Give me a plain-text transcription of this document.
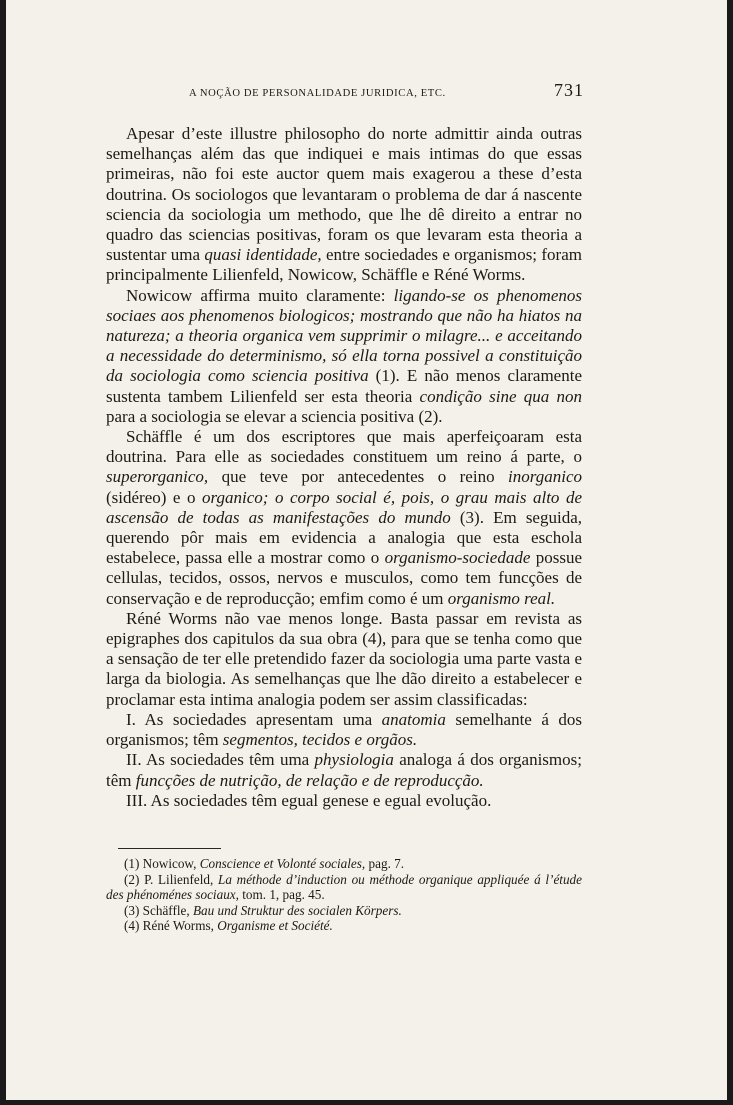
A NOÇÃO DE PERSONALIDADE JURIDICA, ETC.	731

Apesar d’este illustre philosopho do norte admittir ainda outras semelhanças além das que indiquei e mais intimas do que essas primeiras, não foi este auctor quem mais exagerou a these d’esta doutrina. Os sociologos que levantaram o problema de dar á nascente sciencia da sociologia um methodo, que lhe dê direito a entrar no quadro das sciencias positivas, foram os que levaram esta theoria a sustentar uma quasi identidade, entre sociedades e organismos; foram principalmente Lilienfeld, Nowicow, Schäffle e Réné Worms.

Nowicow affirma muito claramente: ligando-se os phenomenos sociaes aos phenomenos biologicos; mostrando que não ha hiatos na natureza; a theoria organica vem supprimir o milagre... e acceitando a necessidade do determinismo, só ella torna possivel a constituição da sociologia como sciencia positiva (1). E não menos claramente sustenta tambem Lilienfeld ser esta theoria condição sine qua non para a sociologia se elevar a sciencia positiva (2).

Schäffle é um dos escriptores que mais aperfeiçoaram esta doutrina. Para elle as sociedades constituem um reino á parte, o superorganico, que teve por antecedentes o reino inorganico (sidéreo) e o organico; o corpo social é, pois, o grau mais alto de ascensão de todas as manifestações do mundo (3). Em seguida, querendo pôr mais em evidencia a analogia que esta eschola estabelece, passa elle a mostrar como o organismo-sociedade possue cellulas, tecidos, ossos, nervos e musculos, como tem funcções de conservação e de reproducção; emfim como é um organismo real.

Réné Worms não vae menos longe. Basta passar em revista as epigraphes dos capitulos da sua obra (4), para que se tenha como que a sensação de ter elle pretendido fazer da sociologia uma parte vasta e larga da biologia. As semelhanças que lhe dão direito a estabelecer e proclamar esta intima analogia podem ser assim classificadas:

I. As sociedades apresentam uma anatomia semelhante á dos organismos; têm segmentos, tecidos e orgãos.

II. As sociedades têm uma physiologia analoga á dos organismos; têm funcções de nutrição, de relação e de reproducção.

III. As sociedades têm egual genese e egual evolução.

(1) Nowicow, Conscience et Volonté sociales, pag. 7.

(2) P. Lilienfeld, La méthode d’induction ou méthode organique appliquée á l’étude des phénoménes sociaux, tom. 1, pag. 45.

(3) Schäffle, Bau und Struktur des socialen Körpers.

(4) Réné Worms, Organisme et Société.
